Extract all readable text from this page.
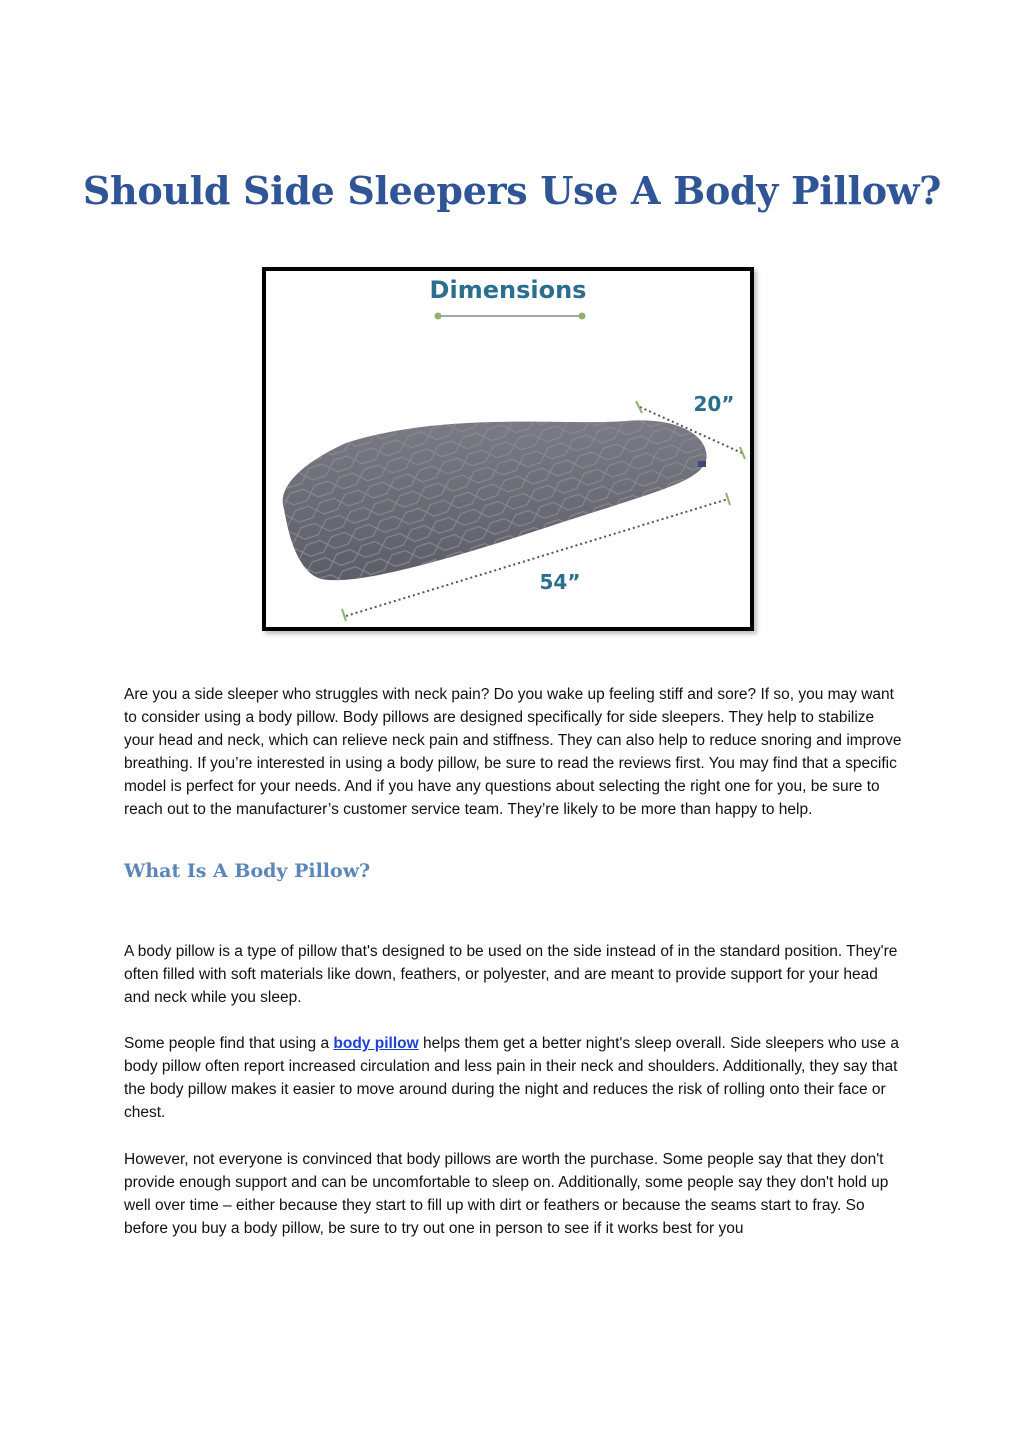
Should Side Sleepers Use A Body Pillow?
Dimensions
20”
54”

Are you a side sleeper who struggles with neck pain? Do you wake up feeling stiff and sore? If so, you may want to consider using a body pillow. Body pillows are designed specifically for side sleepers. They help to stabilize your head and neck, which can relieve neck pain and stiffness. They can also help to reduce snoring and improve breathing. If you’re interested in using a body pillow, be sure to read the reviews first. You may find that a specific model is perfect for your needs. And if you have any questions about selecting the right one for you, be sure to reach out to the manufacturer’s customer service team. They’re likely to be more than happy to help.

What Is A Body Pillow?

A body pillow is a type of pillow that's designed to be used on the side instead of in the standard position. They're often filled with soft materials like down, feathers, or polyester, and are meant to provide support for your head and neck while you sleep.

Some people find that using a body pillow helps them get a better night's sleep overall. Side sleepers who use a body pillow often report increased circulation and less pain in their neck and shoulders. Additionally, they say that the body pillow makes it easier to move around during the night and reduces the risk of rolling onto their face or chest.

However, not everyone is convinced that body pillows are worth the purchase. Some people say that they don't provide enough support and can be uncomfortable to sleep on. Additionally, some people say they don't hold up well over time – either because they start to fill up with dirt or feathers or because the seams start to fray. So before you buy a body pillow, be sure to try out one in person to see if it works best for you
